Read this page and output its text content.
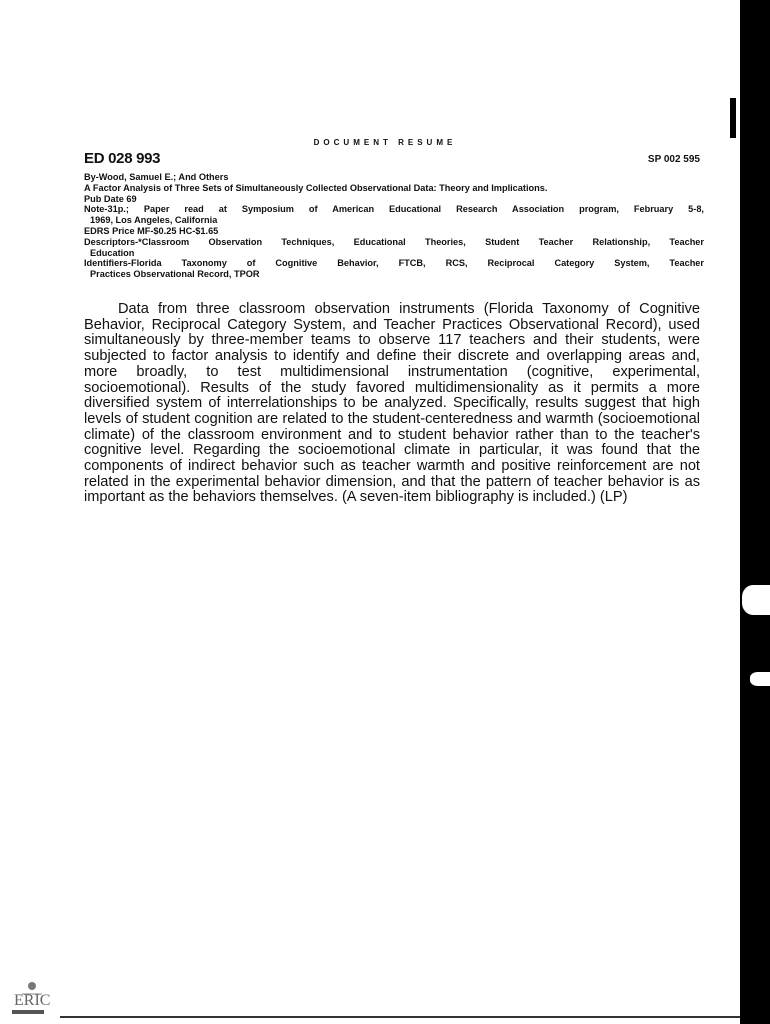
DOCUMENT RESUME
ED 028 993	SP 002 595
By-Wood, Samuel E.; And Others
A Factor Analysis of Three Sets of Simultaneously Collected Observational Data: Theory and Implications.
Pub Date 69
Note-31p.; Paper read at Symposium of American Educational Research Association program, February 5-8,
1969, Los Angeles, California
EDRS Price MF-$0.25 HC-$1.65
Descriptors-*Classroom Observation Techniques, Educational Theories, Student Teacher Relationship, Teacher
Education
Identifiers-Florida Taxonomy of Cognitive Behavior, FTCB, RCS, Reciprocal Category System, Teacher
Practices Observational Record, TPOR

Data from three classroom observation instruments (Florida Taxonomy of Cognitive Behavior, Reciprocal Category System, and Teacher Practices Observational Record), used simultaneously by three-member teams to observe 117 teachers and their students, were subjected to factor analysis to identify and define their discrete and overlapping areas and, more broadly, to test multidimensional instrumentation (cognitive, experimental, socioemotional). Results of the study favored multidimensionality as it permits a more diversified system of interrelationships to be analyzed. Specifically, results suggest that high levels of student cognition are related to the student-centeredness and warmth (socioemotional climate) of the classroom environment and to student behavior rather than to the teacher's cognitive level. Regarding the socioemotional climate in particular, it was found that the components of indirect behavior such as teacher warmth and positive reinforcement are not related in the experimental behavior dimension, and that the pattern of teacher behavior is as important as the behaviors themselves. (A seven-item bibliography is included.) (LP)

ERIC
